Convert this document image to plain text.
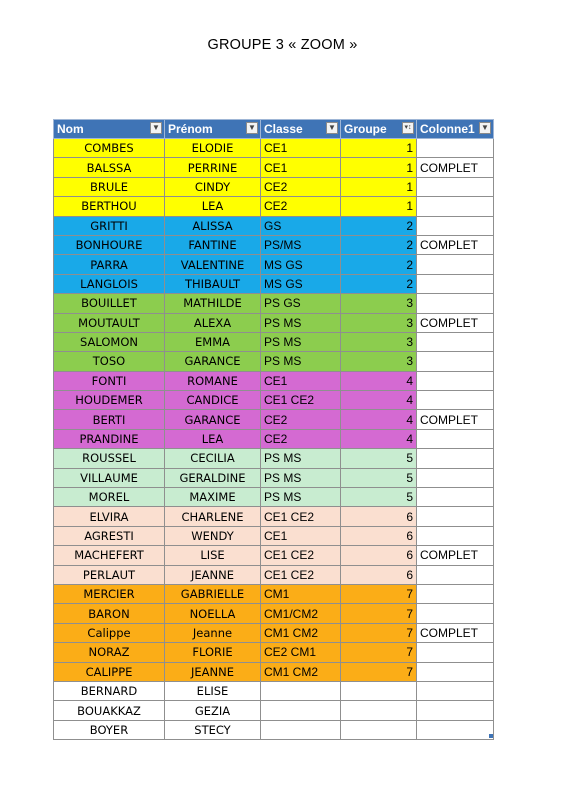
GROUPE 3 « ZOOM »
Nom ▼	Prénom ▼	Classe ▼	Groupe ▾↕	Colonne1 ▼

COMBES	ELODIE	CE1	1	
BALSSA	PERRINE	CE1	1	COMPLET
BRULE	CINDY	CE2	1	
BERTHOU	LEA	CE2	1	
GRITTI	ALISSA	GS	2	
BONHOURE	FANTINE	PS/MS	2	COMPLET
PARRA	VALENTINE	MS GS	2	
LANGLOIS	THIBAULT	MS GS	2	
BOUILLET	MATHILDE	PS GS	3	
MOUTAULT	ALEXA	PS MS	3	COMPLET
SALOMON	EMMA	PS MS	3	
TOSO	GARANCE	PS MS	3	
FONTI	ROMANE	CE1	4	
HOUDEMER	CANDICE	CE1 CE2	4	
BERTI	GARANCE	CE2	4	COMPLET
PRANDINE	LEA	CE2	4	
ROUSSEL	CECILIA	PS MS	5	
VILLAUME	GERALDINE	PS MS	5	
MOREL	MAXIME	PS MS	5	
ELVIRA	CHARLENE	CE1 CE2	6	
AGRESTI	WENDY	CE1	6	
MACHEFERT	LISE	CE1 CE2	6	COMPLET
PERLAUT	JEANNE	CE1 CE2	6	
MERCIER	GABRIELLE	CM1	7	
BARON	NOELLA	CM1/CM2	7	
Calippe	Jeanne	CM1 CM2	7	COMPLET
NORAZ	FLORIE	CE2 CM1	7	
CALIPPE	JEANNE	CM1 CM2	7	
BERNARD	ELISE			
BOUAKKAZ	GEZIA			
BOYER	STECY			
